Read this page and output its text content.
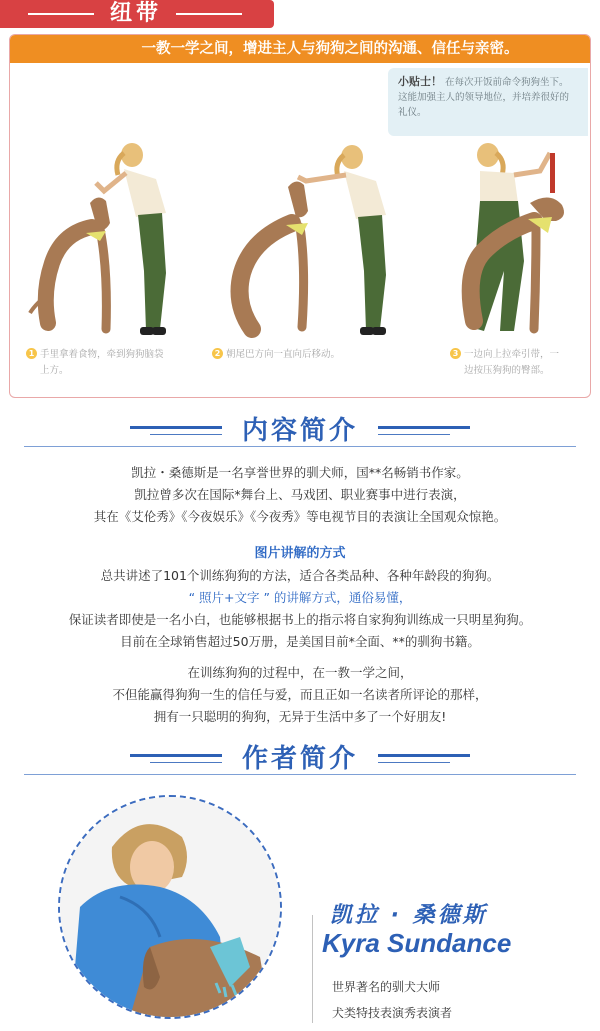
纽带
一教一学之间，增进主人与狗狗之间的沟通、信任与亲密。
小贴士！ 在每次开饭前命令狗狗坐下。这能加强主人的领导地位，并培养很好的礼仪。
1 手里拿着食物，牵到狗狗脑袋
上方。
2 朝尾巴方向一直向后移动。	3 一边向上拉牵引带，一
边按压狗狗的臀部。
内容简介
凯拉・桑德斯是一名享誉世界的驯犬师，国**名畅销书作家。
凯拉曾多次在国际*舞台上、马戏团、职业赛事中进行表演，
其在《艾伦秀》《今夜娱乐》《今夜秀》等电视节目的表演让全国观众惊艳。
图片讲解的方式
总共讲述了101个训练狗狗的方法，适合各类品种、各种年龄段的狗狗。
“ 照片+文字 ” 的讲解方式，通俗易懂，
保证读者即使是一名小白，也能够根据书上的指示将自家狗狗训练成一只明星狗狗。
目前在全球销售超过50万册，是美国目前*全面、**的驯狗书籍。
在训练狗狗的过程中，在一教一学之间，
不但能赢得狗狗一生的信任与爱，而且正如一名读者所评论的那样，
拥有一只聪明的狗狗，无异于生活中多了一个好朋友!
作者简介
凯拉 · 桑德斯
Kyra Sundance
世界著名的驯犬大师
犬类特技表演秀表演者
